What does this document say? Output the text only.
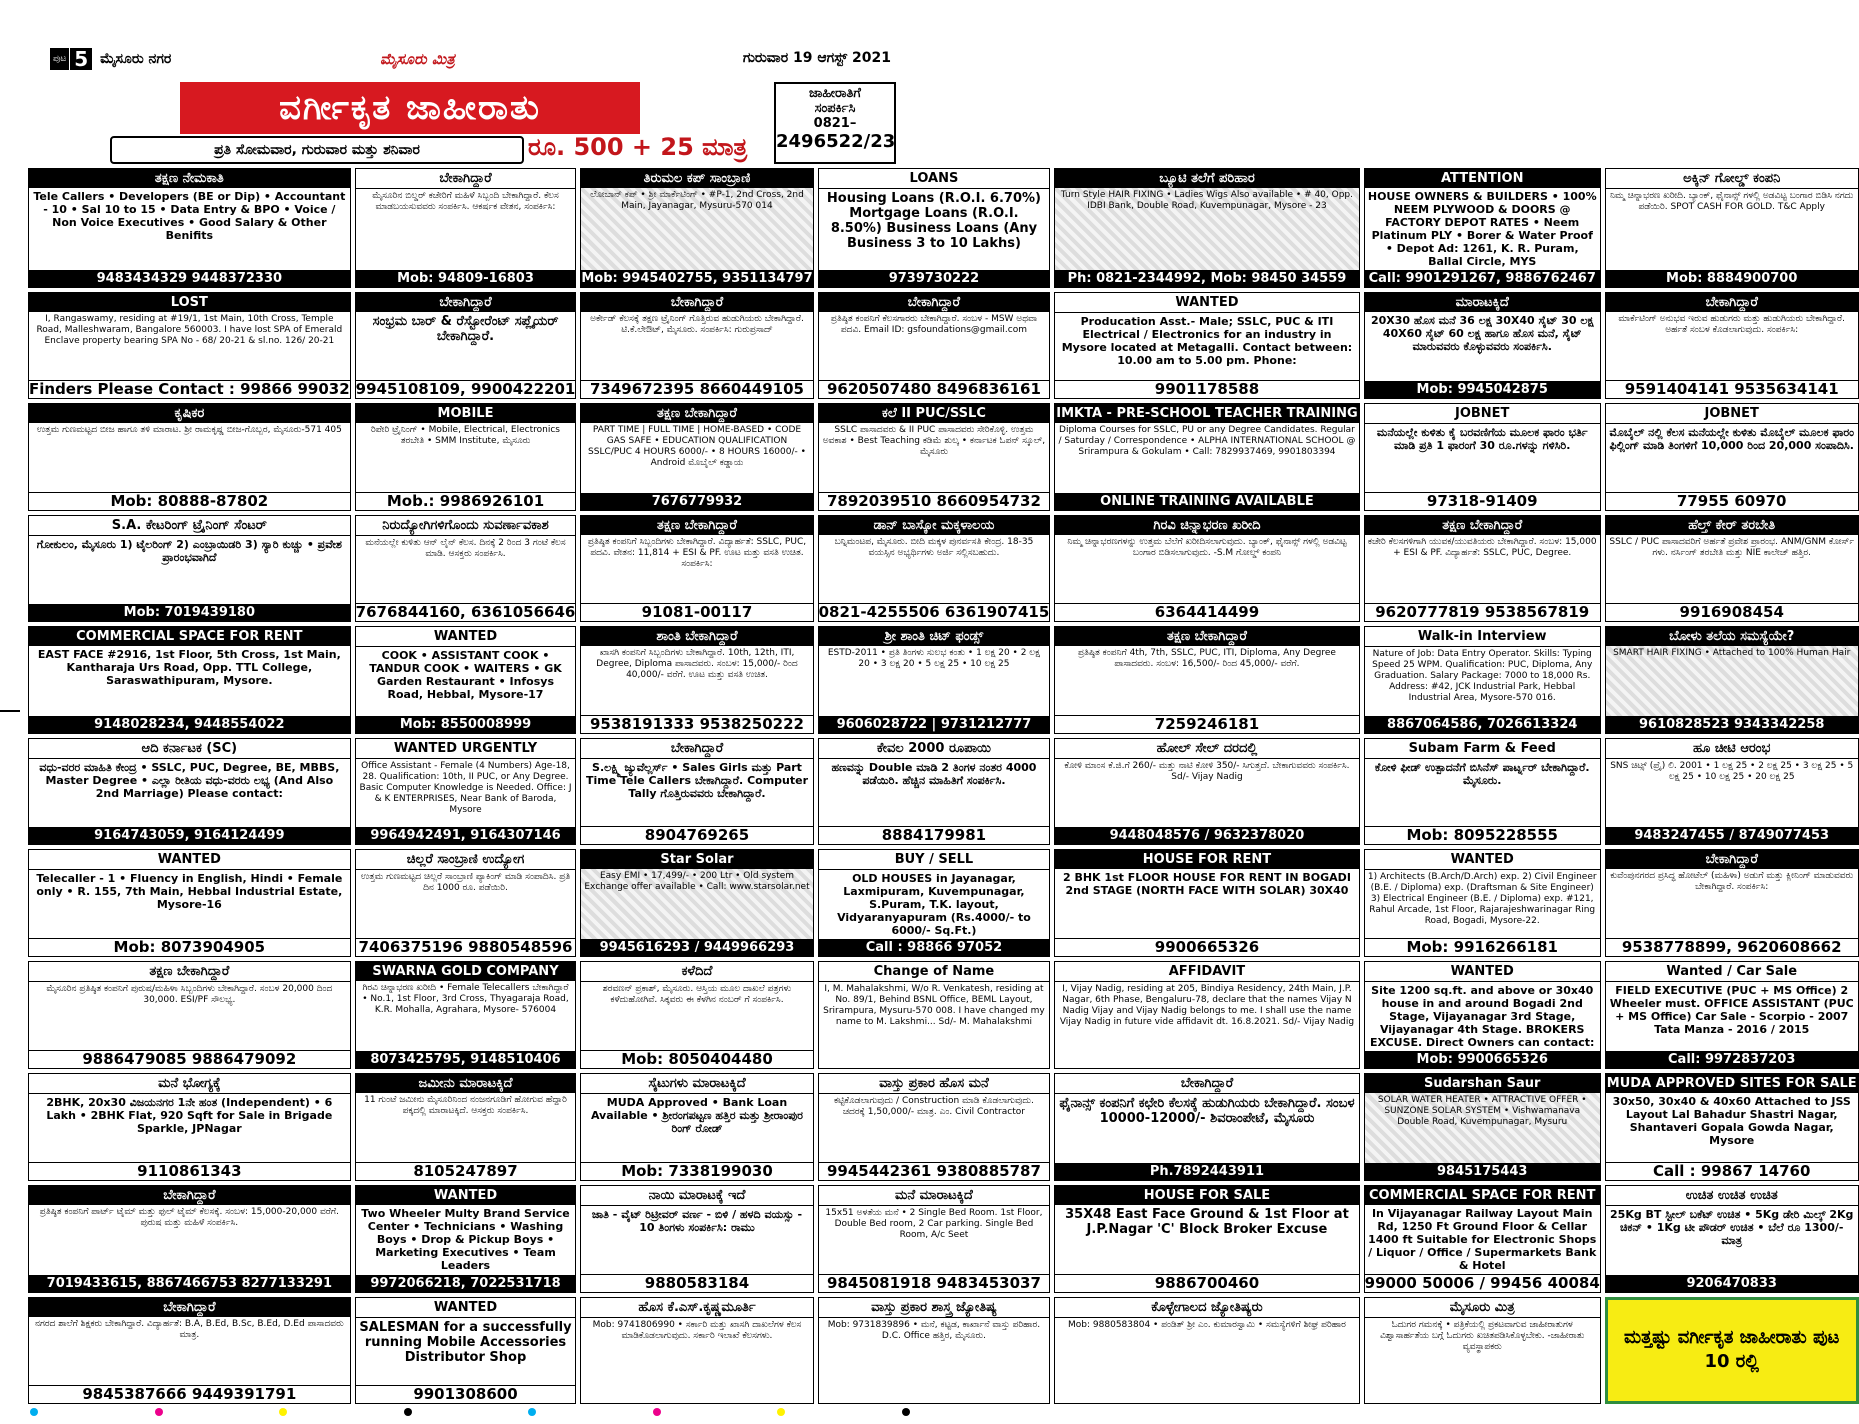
ಪುಟ 5 ಮೈಸೂರು ನಗರ	ಮೈಸೂರು ಮಿತ್ರ	ಗುರುವಾರ 19 ಆಗಸ್ಟ್ 2021
ವರ್ಗೀಕೃತ ಜಾಹೀರಾತು
ಪ್ರತಿ ಸೋಮವಾರ, ಗುರುವಾರ ಮತ್ತು ಶನಿವಾರ	ರೂ. 500 + 25 ಮಾತ್ರ
ಜಾಹೀರಾತಿಗೆ
ಸಂಪರ್ಕಿಸಿ
0821–
2496522/23
ತಕ್ಷಣ ನೇಮಕಾತಿ
Tele Callers • Developers (BE or Dip) • Accountant - 10 • Sal 10 to 15 • Data Entry & BPO • Voice / Non Voice Executives • Good Salary & Other Benifits
9483434329 9448372330
ಬೇಕಾಗಿದ್ದಾರೆ
ಮೈಸೂರಿನ ಬಿಲ್ಡರ್ ಕಚೇರಿಗೆ ಮಹಿಳೆ ಸಿಬ್ಬಂದಿ ಬೇಕಾಗಿದ್ದಾರೆ. ಕೆಲಸ ಮಾಡಬಯಸುವವರು ಸಂಪರ್ಕಿಸಿ. ಆಕರ್ಷಕ ವೇತನ, ಸಂಪರ್ಕಿಸಿ:
Mob: 94809-16803
ತಿರುಮಲ ಕಪ್ ಸಾಂಬ್ರಾಣಿ
ಲೋಬಾನ್ ಕಪ್ • ಶ್ರೀ ಮಾರ್ಕೆಟಿಂಗ್ • #P-1, 2nd Cross, 2nd Main, Jayanagar, Mysuru-570 014
Mob: 9945402755, 9351134797
LOANS
Housing Loans (R.O.I. 6.70%) Mortgage Loans (R.O.I. 8.50%) Business Loans (Any Business 3 to 10 Lakhs)
9739730222
ಬ್ಯೂಟಿ ತಲೆಗೆ ಪರಿಹಾರ
Turn Style HAIR FIXING • Ladies Wigs Also available • # 40, Opp. IDBI Bank, Double Road, Kuvempunagar, Mysore - 23
Ph: 0821-2344992, Mob: 98450 34559
ATTENTION
HOUSE OWNERS & BUILDERS • 100% NEEM PLYWOOD & DOORS @ FACTORY DEPOT RATES • Neem Platinum PLY • Borer & Water Proof • Depot Ad: 1261, K. R. Puram, Ballal Circle, MYS
Call: 9901291267, 9886762467
ಅಕ್ಕಿನ್ ಗೋಲ್ಡ್ ಕಂಪನಿ
ನಿಮ್ಮ ಚಿನ್ನಾಭರಣ ಖರೀದಿ. ಬ್ಯಾಂಕ್, ಫೈನಾನ್ಸ್ ಗಳಲ್ಲಿ ಅಡವಿಟ್ಟ ಬಂಗಾರ ಬಿಡಿಸಿ ನಗದು ಪಡೆಯಿರಿ. SPOT CASH FOR GOLD. T&C Apply
Mob: 8884900700
LOST
I, Rangaswamy, residing at #19/1, 1st Main, 10th Cross, Temple Road, Malleshwaram, Bangalore 560003. I have lost SPA of Emerald Enclave property bearing SPA No - 68/ 20-21 & sl.no. 126/ 20-21
Finders Please Contact : 99866 99032
ಬೇಕಾಗಿದ್ದಾರೆ
ಸಂಭ್ರಮ ಬಾರ್ & ರೆಸ್ಟೋರೆಂಟ್ ಸಪ್ಲೈಯರ್ ಬೇಕಾಗಿದ್ದಾರೆ.
9945108109, 9900422201
ಬೇಕಾಗಿದ್ದಾರೆ
ಅರ್ಕೇಡ್ ಕೆಲಸಕ್ಕೆ ತಕ್ಷಣ ಟ್ರೈನಿಂಗ್ ಗೊತ್ತಿರುವ ಹುಡುಗಿಯರು ಬೇಕಾಗಿದ್ದಾರೆ. ಟಿ.ಕೆ.ಲೇಔಟ್, ಮೈಸೂರು. ಸಂಪರ್ಕಿಸಿ: ಗುರುಪ್ರಸಾದ್
7349672395 8660449105
ಬೇಕಾಗಿದ್ದಾರೆ
ಪ್ರತಿಷ್ಠಿತ ಕಂಪನಿಗೆ ಕೆಲಸಗಾರರು ಬೇಕಾಗಿದ್ದಾರೆ. ಸಂಬಳ - MSW ಅಥವಾ ಪದವಿ. Email ID: gsfoundations@gmail.com
9620507480 8496836161
WANTED
Producation Asst.- Male; SSLC, PUC & ITI Electrical / Electronics for an industry in Mysore located at Metagalli. Contact between: 10.00 am to 5.00 pm. Phone:
9901178588
ಮಾರಾಟಕ್ಕಿದೆ
20X30 ಹೊಸ ಮನೆ 36 ಲಕ್ಷ 30X40 ಸೈಟ್ 30 ಲಕ್ಷ 40X60 ಸೈಟ್ 60 ಲಕ್ಷ ಹಾಗೂ ಹೊಸ ಮನೆ, ಸೈಟ್ ಮಾರುವವರು ಕೊಳ್ಳುವವರು ಸಂಪರ್ಕಿಸಿ.
Mob: 9945042875
ಬೇಕಾಗಿದ್ದಾರೆ
ಮಾರ್ಕೆಟಿಂಗ್ ಅನುಭವ ಇರುವ ಹುಡುಗರು ಮತ್ತು ಹುಡುಗಿಯರು ಬೇಕಾಗಿದ್ದಾರೆ. ಅರ್ಹತೆ ಸಂಬಳ ಕೊಡಲಾಗುವುದು. ಸಂಪರ್ಕಿಸಿ:
9591404141 9535634141
ಕೃಷಿಕರ
ಉತ್ತಮ ಗುಣಮಟ್ಟದ ಬೀಜ ಹಾಗೂ ತಳಿ ಮಾರಾಟ. ಶ್ರೀ ರಾಮಕೃಷ್ಣ ಬೀಜ-ಗೊಬ್ಬರ, ಮೈಸೂರು-571 405
Mob: 80888-87802
MOBILE
ರಿಪೇರಿ ಟ್ರೈನಿಂಗ್ • Mobile, Electrical, Electronics ತರಬೇತಿ • SMM Institute, ಮೈಸೂರು
Mob.: 9986926101
ತಕ್ಷಣ ಬೇಕಾಗಿದ್ದಾರೆ
PART TIME | FULL TIME | HOME-BASED • CODE GAS SAFE • EDUCATION QUALIFICATION SSLC/PUC 4 HOURS 6000/- • 8 HOURS 16000/- • Android ಮೊಬೈಲ್ ಕಡ್ಡಾಯ
7676779932
ಕಲೆ II PUC/SSLC
SSLC ಪಾಸಾದವರು & II PUC ಪಾಸಾದವರು ಸೇರಿಕೊಳ್ಳಿ. ಉತ್ತಮ ಅವಕಾಶ • Best Teaching ಕಡಿಮೆ ಶುಲ್ಕ • ಕರ್ನಾಟಕ ಓಪನ್ ಸ್ಕೂಲ್, ಮೈಸೂರು
7892039510 8660954732
IMKTA - PRE-SCHOOL TEACHER TRAINING
Diploma Courses for SSLC, PU or any Degree Candidates. Regular / Saturday / Correspondence • ALPHA INTERNATIONAL SCHOOL @ Srirampura & Gokulam • Call: 7829937469, 9901803394
ONLINE TRAINING AVAILABLE
JOBNET
ಮನೆಯಲ್ಲೇ ಕುಳಿತು ಕೈ ಬರವಣಿಗೆಯ ಮೂಲಕ ಫಾರಂ ಭರ್ತಿ ಮಾಡಿ ಪ್ರತಿ 1 ಫಾರಂಗೆ 30 ರೂ.ಗಳನ್ನು ಗಳಿಸಿರಿ.
97318-91409
JOBNET
ಮೊಬೈಲ್ ನಲ್ಲಿ ಕೆಲಸ ಮನೆಯಲ್ಲೇ ಕುಳಿತು ಮೊಬೈಲ್ ಮೂಲಕ ಫಾರಂ ಫಿಲ್ಲಿಂಗ್ ಮಾಡಿ ತಿಂಗಳಿಗೆ 10,000 ರಿಂದ 20,000 ಸಂಪಾದಿಸಿ.
77955 60970
S.A. ಕೇಟರಿಂಗ್ ಟ್ರೈನಿಂಗ್ ಸೆಂಟರ್
ಗೋಕುಲಂ, ಮೈಸೂರು 1) ಟೈಲರಿಂಗ್ 2) ಎಂಬ್ರಾಯಿಡರಿ 3) ಸ್ಯಾರಿ ಕುಚ್ಚು • ಪ್ರವೇಶ ಪ್ರಾರಂಭವಾಗಿದೆ
Mob: 7019439180
ನಿರುದ್ಯೋಗಿಗಳಿಗೊಂದು ಸುವರ್ಣಾವಕಾಶ
ಮನೆಯಲ್ಲೇ ಕುಳಿತು ಆನ್ ಲೈನ್ ಕೆಲಸ. ದಿನಕ್ಕೆ 2 ರಿಂದ 3 ಗಂಟೆ ಕೆಲಸ ಮಾಡಿ. ಆಸಕ್ತರು ಸಂಪರ್ಕಿಸಿ.
7676844160, 6361056646
ತಕ್ಷಣ ಬೇಕಾಗಿದ್ದಾರೆ
ಪ್ರತಿಷ್ಠಿತ ಕಂಪನಿಗೆ ಸಿಬ್ಬಂದಿಗಳು ಬೇಕಾಗಿದ್ದಾರೆ. ವಿದ್ಯಾರ್ಹತೆ: SSLC, PUC, ಪದವಿ. ವೇತನ: 11,814 + ESI & PF. ಊಟ ಮತ್ತು ವಸತಿ ಉಚಿತ. ಸಂಪರ್ಕಿಸಿ:
91081-00117
ಡಾನ್ ಬಾಸ್ಕೋ ಮಕ್ಕಳಾಲಯ
ಬನ್ನಿಮಂಟಪ, ಮೈಸೂರು. ಬೀದಿ ಮಕ್ಕಳ ಪುನರ್ವಸತಿ ಕೇಂದ್ರ. 18-35 ವಯಸ್ಸಿನ ಅಭ್ಯರ್ಥಿಗಳು ಅರ್ಜಿ ಸಲ್ಲಿಸಬಹುದು.
0821-4255506 6361907415
ಗಿರವಿ ಚಿನ್ನಾಭರಣ ಖರೀದಿ
ನಿಮ್ಮ ಚಿನ್ನಾಭರಣಗಳನ್ನು ಉತ್ತಮ ಬೆಲೆಗೆ ಖರೀದಿಸಲಾಗುವುದು. ಬ್ಯಾಂಕ್, ಫೈನಾನ್ಸ್ ಗಳಲ್ಲಿ ಅಡವಿಟ್ಟ ಬಂಗಾರ ಬಿಡಿಸಲಾಗುವುದು. -S.M ಗೋಲ್ಡ್ ಕಂಪನಿ
6364414499
ತಕ್ಷಣ ಬೇಕಾಗಿದ್ದಾರೆ
ಕಚೇರಿ ಕೆಲಸಗಳಿಗಾಗಿ ಯುವಕ/ಯುವತಿಯರು ಬೇಕಾಗಿದ್ದಾರೆ. ಸಂಬಳ: 15,000 + ESI & PF. ವಿದ್ಯಾರ್ಹತೆ: SSLC, PUC, Degree.
9620777819 9538567819
ಹೆಲ್ತ್ ಕೇರ್ ತರಬೇತಿ
SSLC / PUC ಪಾಸಾದವರಿಗೆ ಅರ್ಹತೆ ಪ್ರವೇಶ ಪ್ರಾರಂಭ. ANM/GNM ಕೋರ್ಸ್ ಗಳು. ನರ್ಸಿಂಗ್ ತರಬೇತಿ ಮತ್ತು NIE ಕಾಲೇಜ್ ಹತ್ತಿರ.
9916908454
COMMERCIAL SPACE FOR RENT
EAST FACE #2916, 1st Floor, 5th Cross, 1st Main, Kantharaja Urs Road, Opp. TTL College, Saraswathipuram, Mysore.
9148028234, 9448554022
WANTED
COOK • ASSISTANT COOK • TANDUR COOK • WAITERS • GK Garden Restaurant • Infosys Road, Hebbal, Mysore-17
Mob: 8550008999
ಶಾಂತಿ ಬೇಕಾಗಿದ್ದಾರೆ
ಖಾಸಗಿ ಕಂಪನಿಗೆ ಸಿಬ್ಬಂದಿಗಳು ಬೇಕಾಗಿದ್ದಾರೆ. 10th, 12th, ITI, Degree, Diploma ಪಾಸಾದವರು. ಸಂಬಳ: 15,000/- ರಿಂದ 40,000/- ವರೆಗೆ. ಊಟ ಮತ್ತು ವಸತಿ ಉಚಿತ.
9538191333 9538250222
ಶ್ರೀ ಶಾಂತಿ ಚಿಟ್ ಫಂಡ್ಸ್
ESTD-2011 • ಪ್ರತಿ ತಿಂಗಳು ಸುಲಭ ಕಂತು • 1 ಲಕ್ಷ 20 • 2 ಲಕ್ಷ 20 • 3 ಲಕ್ಷ 20 • 5 ಲಕ್ಷ 25 • 10 ಲಕ್ಷ 25
9606028722 | 9731212777
ತಕ್ಷಣ ಬೇಕಾಗಿದ್ದಾರೆ
ಪ್ರತಿಷ್ಠಿತ ಕಂಪನಿಗೆ 4th, 7th, SSLC, PUC, ITI, Diploma, Any Degree ಪಾಸಾದವರು. ಸಂಬಳ: 16,500/- ರಿಂದ 45,000/- ವರೆಗೆ.
7259246181
Walk-in Interview
Nature of Job: Data Entry Operator. Skills: Typing Speed 25 WPM. Qualification: PUC, Diploma, Any Graduation. Salary Package: 7000 to 18,000 Rs. Address: #42, JCK Industrial Park, Hebbal Industrial Area, Mysore-570 016.
8867064586, 7026613324
ಬೋಳು ತಲೆಯ ಸಮಸ್ಯೆಯೇ?
SMART HAIR FIXING • Attached to 100% Human Hair
9610828523 9343342258
ಆದಿ ಕರ್ನಾಟಕ (SC)
ವಧು-ವರರ ಮಾಹಿತಿ ಕೇಂದ್ರ • SSLC, PUC, Degree, BE, MBBS, Master Degree • ಎಲ್ಲಾ ರೀತಿಯ ವಧು-ವರರು ಲಭ್ಯ (And Also 2nd Marriage) Please contact:
9164743059, 9164124499
WANTED URGENTLY
Office Assistant - Female (4 Numbers) Age-18, 28. Qualification: 10th, II PUC, or Any Degree. Basic Computer Knowledge is Needed. Office: J & K ENTERPRISES, Near Bank of Baroda, Mysore
9964942491, 9164307146
ಬೇಕಾಗಿದ್ದಾರೆ
S.ಲಕ್ಷ್ಮಿ ಜ್ಯುವೆಲ್ಲರ್ಸ್ • Sales Girls ಮತ್ತು Part Time Tele Callers ಬೇಕಾಗಿದ್ದಾರೆ. Computer Tally ಗೊತ್ತಿರುವವರು ಬೇಕಾಗಿದ್ದಾರೆ.
8904769265
ಕೇವಲ 2000 ರೂಪಾಯಿ
ಹಣವನ್ನು Double ಮಾಡಿ 2 ತಿಂಗಳ ನಂತರ 4000 ಪಡೆಯಿರಿ. ಹೆಚ್ಚಿನ ಮಾಹಿತಿಗೆ ಸಂಪರ್ಕಿಸಿ.
8884179981
ಹೋಲ್ ಸೇಲ್ ದರದಲ್ಲಿ
ಕೋಳಿ ಮಾಂಸ ಕೆ.ಜಿ.ಗೆ 260/- ಮತ್ತು ನಾಟಿ ಕೋಳಿ 350/- ಸಿಗುತ್ತದೆ. ಬೇಕಾಗುವವರು ಸಂಪರ್ಕಿಸಿ. Sd/- Vijay Nadig
9448048576 / 9632378020
Subam Farm & Feed
ಕೋಳಿ ಫೀಡ್ ಉತ್ಪಾದನೆಗೆ ಬಿಸಿನೆಸ್ ಪಾರ್ಟ್ನರ್ ಬೇಕಾಗಿದ್ದಾರೆ. ಮೈಸೂರು.
Mob: 8095228555
ಹೂ ಚೀಟಿ ಆರಂಭ
SNS ಚಿಟ್ಸ್ (ಪ್ರೈ) ಲಿ. 2001 • 1 ಲಕ್ಷ 25 • 2 ಲಕ್ಷ 25 • 3 ಲಕ್ಷ 25 • 5 ಲಕ್ಷ 25 • 10 ಲಕ್ಷ 25 • 20 ಲಕ್ಷ 25
9483247455 / 8749077453
WANTED
Telecaller - 1 • Fluency in English, Hindi • Female only • R. 155, 7th Main, Hebbal Industrial Estate, Mysore-16
Mob: 8073904905
ಚಿಲ್ಲರೆ ಸಾಂಬ್ರಾಣಿ ಉದ್ಯೋಗ
ಉತ್ತಮ ಗುಣಮಟ್ಟದ ಚಿಲ್ಲರೆ ಸಾಂಬ್ರಾಣಿ ಪ್ಯಾಕಿಂಗ್ ಮಾಡಿ ಸಂಪಾದಿಸಿ. ಪ್ರತಿ ದಿನ 1000 ರೂ. ಪಡೆಯಿರಿ.
7406375196 9880548596
Star Solar
Easy EMI • 17,499/- • 200 Ltr • Old system Exchange offer available • Call: www.starsolar.net
9945616293 / 9449966293
BUY / SELL
OLD HOUSES in Jayanagar, Laxmipuram, Kuvempunagar, S.Puram, T.K. layout, Vidyaranyapuram (Rs.4000/- to 6000/- Sq.Ft.)
Call : 98866 97052
HOUSE FOR RENT
2 BHK 1st FLOOR HOUSE FOR RENT IN BOGADI 2nd STAGE (NORTH FACE WITH SOLAR) 30X40
9900665326
WANTED
1) Architects (B.Arch/D.Arch) exp. 2) Civil Engineer (B.E. / Diploma) exp. (Draftsman & Site Engineer) 3) Electrical Engineer (B.E. / Diploma) exp. #121, Rahul Arcade, 1st Floor, Rajarajeshwarinagar Ring Road, Bogadi, Mysore-22.
Mob: 9916266181
ಬೇಕಾಗಿದ್ದಾರೆ
ಕುವೆಂಪುನಗರದ ಪ್ರಸಿದ್ಧ ಹೋಟೆಲ್ (ಮಹಿಳಾ) ಅಡುಗೆ ಮತ್ತು ಕ್ಲೀನಿಂಗ್ ಮಾಡುವವರು ಬೇಕಾಗಿದ್ದಾರೆ. ಸಂಪರ್ಕಿಸಿ:
9538778899, 9620608662
ತಕ್ಷಣ ಬೇಕಾಗಿದ್ದಾರೆ
ಮೈಸೂರಿನ ಪ್ರತಿಷ್ಠಿತ ಕಂಪನಿಗೆ ಪುರುಷ/ಮಹಿಳಾ ಸಿಬ್ಬಂದಿಗಳು ಬೇಕಾಗಿದ್ದಾರೆ. ಸಂಬಳ 20,000 ದಿಂದ 30,000. ESI/PF ಸೌಲಭ್ಯ.
9886479085 9886479092
SWARNA GOLD COMPANY
ಗಿರವಿ ಚಿನ್ನಾಭರಣ ಖರೀದಿ • Female Telecallers ಬೇಕಾಗಿದ್ದಾರೆ • No.1, 1st Floor, 3rd Cross, Thyagaraja Road, K.R. Mohalla, Agrahara, Mysore- 576004
8073425795, 9148510406
ಕಳೆದಿದೆ
ಶರವಣನ್ ಪ್ರಕಾಶ್, ಮೈಸೂರು. ಆಸ್ತಿಯ ಮೂಲ ದಾಖಲೆ ಪತ್ರಗಳು ಕಳೆದುಹೋಗಿವೆ. ಸಿಕ್ಕವರು ಈ ಕೆಳಗಿನ ನಂಬರ್ ಗೆ ಸಂಪರ್ಕಿಸಿ.
Mob: 8050404480
Change of Name
I, M. Mahalakshmi, W/o R. Venkatesh, residing at No. 89/1, Behind BSNL Office, BEML Layout, Srirampura, Mysuru-570 008. I have changed my name to M. Lakshmi... Sd/- M. Mahalakshmi
AFFIDAVIT
I, Vijay Nadig, residing at 205, Bindiya Residency, 24th Main, J.P. Nagar, 6th Phase, Bengaluru-78, declare that the names Vijay N Nadig Vijay and Vijay Nadig belongs to me. I shall use the name Vijay Nadig in future vide affidavit dt. 16.8.2021. Sd/- Vijay Nadig
WANTED
Site 1200 sq.ft. and above or 30x40 house in and around Bogadi 2nd Stage, Vijayanagar 3rd Stage, Vijayanagar 4th Stage. BROKERS EXCUSE. Direct Owners can contact:
Mob: 9900665326
Wanted / Car Sale
FIELD EXECUTIVE (PUC + MS Office) 2 Wheeler must. OFFICE ASSISTANT (PUC + MS Office) Car Sale - Scorpio - 2007 Tata Manza - 2016 / 2015
Call: 9972837203
ಮನೆ ಭೋಗ್ಯಕ್ಕೆ
2BHK, 20x30 ವಿಜಯನಗರ 1ನೇ ಹಂತ (Independent) • 6 Lakh • 2BHK Flat, 920 Sqft for Sale in Brigade Sparkle, JPNagar
9110861343
ಜಮೀನು ಮಾರಾಟಕ್ಕಿದೆ
11 ಗುಂಟೆ ಜಮೀನು ಮೈಸೂರಿನಿಂದ ನಂಜನಗೂಡಿಗೆ ಹೋಗುವ ಹೆದ್ದಾರಿ ಪಕ್ಕದಲ್ಲಿ ಮಾರಾಟಕ್ಕಿದೆ. ಆಸಕ್ತರು ಸಂಪರ್ಕಿಸಿ.
8105247897
ಸೈಟುಗಳು ಮಾರಾಟಕ್ಕಿದೆ
MUDA Approved • Bank Loan Available • ಶ್ರೀರಂಗಪಟ್ಟಣ ಹತ್ತಿರ ಮತ್ತು ಶ್ರೀರಾಂಪುರ ರಿಂಗ್ ರೋಡ್
Mob: 7338199030
ವಾಸ್ತು ಪ್ರಕಾರ ಹೊಸ ಮನೆ
ಕಟ್ಟಿಕೊಡಲಾಗುವುದು / Construction ಮಾಡಿ ಕೊಡಲಾಗುವುದು. ಚದರಕ್ಕೆ 1,50,000/- ಮಾತ್ರ. ಎಂ. Civil Contractor
9945442361 9380885787
ಬೇಕಾಗಿದ್ದಾರೆ
ಫೈನಾನ್ಸ್ ಕಂಪನಿಗೆ ಕಛೇರಿ ಕೆಲಸಕ್ಕೆ ಹುಡುಗಿಯರು ಬೇಕಾಗಿದ್ದಾರೆ. ಸಂಬಳ 10000-12000/- ಶಿವರಾಂಪೇಟೆ, ಮೈಸೂರು
Ph.7892443911
Sudarshan Saur
SOLAR WATER HEATER • ATTRACTIVE OFFER • SUNZONE SOLAR SYSTEM • Vishwamanava Double Road, Kuvempunagar, Mysuru
9845175443
MUDA APPROVED SITES FOR SALE
30x50, 30x40 & 40x60 Attached to JSS Layout Lal Bahadur Shastri Nagar, Shantaveri Gopala Gowda Nagar, Mysore
Call : 99867 14760
ಬೇಕಾಗಿದ್ದಾರೆ
ಪ್ರತಿಷ್ಠಿತ ಕಂಪನಿಗೆ ಪಾರ್ಟ್ ಟೈಮ್ ಮತ್ತು ಫುಲ್ ಟೈಮ್ ಕೆಲಸಕ್ಕೆ. ಸಂಬಳ: 15,000-20,000 ವರೆಗೆ. ಪುರುಷ ಮತ್ತು ಮಹಿಳೆ ಸಂಪರ್ಕಿಸಿ.
7019433615, 8867466753 8277133291
WANTED
Two Wheeler Multy Brand Service Center • Technicians • Washing Boys • Drop & Pickup Boys • Marketing Executives • Team Leaders
9972066218, 7022531718
ನಾಯಿ ಮಾರಾಟಕ್ಕೆ ಇದೆ
ಜಾತಿ - ವೈಟ್ ರಿಟ್ರೀವರ್ ವರ್ಣ - ಬಿಳಿ / ಹಳದಿ ವಯಸ್ಸು - 10 ತಿಂಗಳು ಸಂಪರ್ಕಿಸಿ: ರಾಮು
9880583184
ಮನೆ ಮಾರಾಟಕ್ಕಿದೆ
15x51 ಅಳತೆಯ ಮನೆ • 2 Single Bed Room. 1st Floor, Double Bed room, 2 Car parking. Single Bed Room, A/c Seet
9845081918 9483453037
HOUSE FOR SALE
35X48 East Face Ground & 1st Floor at J.P.Nagar 'C' Block Broker Excuse
9886700460
COMMERCIAL SPACE FOR RENT
In Vijayanagar Railway Layout Main Rd, 1250 Ft Ground Floor & Cellar 1400 ft Suitable for Electronic Shops / Liquor / Office / Supermarkets Bank & Hotel
99000 50006 / 99456 40084
ಉಚಿತ ಉಚಿತ ಉಚಿತ
25Kg BT ಸ್ಟೀಲ್ ಬಕೆಟ್ ಉಚಿತ • 5Kg ಡೇರಿ ಮಿಲ್ಕ್ 2Kg ಚಿಕನ್ • 1Kg ಟೀ ಪೌಡರ್ ಉಚಿತ • ಬೆಲೆ ರೂ 1300/- ಮಾತ್ರ
9206470833
ಬೇಕಾಗಿದ್ದಾರೆ
ನಗರದ ಶಾಲೆಗೆ ಶಿಕ್ಷಕರು ಬೇಕಾಗಿದ್ದಾರೆ. ವಿದ್ಯಾರ್ಹತೆ: B.A, B.Ed, B.Sc, B.Ed, D.Ed ಪಾಸಾದವರು ಮಾತ್ರ.
9845387666 9449391791
WANTED
SALESMAN for a successfully running Mobile Accessories Distributor Shop
9901308600
ಹೊಸ ಕೆ.ಎಸ್.ಕೃಷ್ಣಮೂರ್ತಿ
Mob: 9741806990 • ಸರ್ಕಾರಿ ಮತ್ತು ಖಾಸಗಿ ದಾಖಲೆಗಳ ಕೆಲಸ ಮಾಡಿಕೊಡಲಾಗುವುದು. ಸರ್ಕಾರಿ ಇಲಾಖೆ ಕೆಲಸಗಳು.
ವಾಸ್ತು ಪ್ರಕಾರ ಶಾಸ್ತ್ರ ಜ್ಯೋತಿಷ್ಯ
Mob: 9731839896 • ಮನೆ, ಕಟ್ಟಡ, ಕಾರ್ಖಾನೆ ವಾಸ್ತು ಪರಿಹಾರ. D.C. Office ಹತ್ತಿರ, ಮೈಸೂರು.
ಕೊಳ್ಳೇಗಾಲದ ಜ್ಯೋತಿಷ್ಯರು
Mob: 9880583804 • ಪಂಡಿತ್ ಶ್ರೀ ಎಂ. ಕುಮಾರಸ್ವಾಮಿ • ಸಮಸ್ಯೆಗಳಿಗೆ ಶೀಘ್ರ ಪರಿಹಾರ
ಮೈಸೂರು ಮಿತ್ರ
ಓದುಗರ ಗಮನಕ್ಕೆ • ಪತ್ರಿಕೆಯಲ್ಲಿ ಪ್ರಕಟವಾಗುವ ಜಾಹೀರಾತುಗಳ ವಿಶ್ವಾಸಾರ್ಹತೆಯ ಬಗ್ಗೆ ಓದುಗರು ಖಚಿತಪಡಿಸಿಕೊಳ್ಳಬೇಕು. -ಜಾಹೀರಾತು ವ್ಯವಸ್ಥಾಪಕರು	ಮತ್ತಷ್ಟು ವರ್ಗೀಕೃತ ಜಾಹೀರಾತು ಪುಟ 10 ರಲ್ಲಿ
